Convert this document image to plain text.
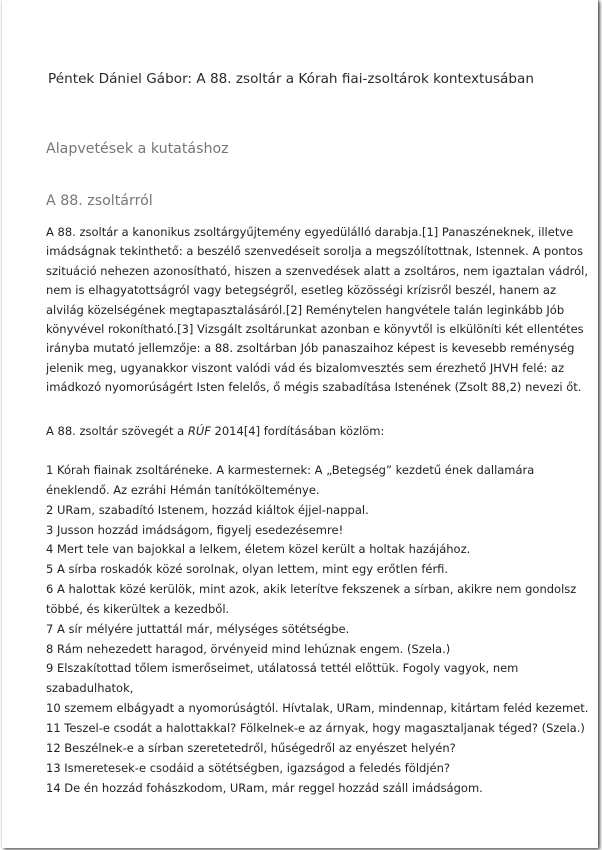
Péntek Dániel Gábor: A 88. zsoltár a Kórah fiai-zsoltárok kontextusában
Alapvetések a kutatáshoz
A 88. zsoltárról
A 88. zsoltár a kanonikus zsoltárgyűjtemény egyedülálló darabja.[1] Panaszéneknek, illetve
imádságnak tekinthető: a beszélő szenvedéseit sorolja a megszólítottnak, Istennek. A pontos
szituáció nehezen azonosítható, hiszen a szenvedések alatt a zsoltáros, nem igaztalan vádról,
nem is elhagyatottságról vagy betegségről, esetleg közösségi krízisről beszél, hanem az
alvilág közelségének megtapasztalásáról.[2] Reménytelen hangvétele talán leginkább Jób
könyvével rokonítható.[3] Vizsgált zsoltárunkat azonban e könyvtől is elkülöníti két ellentétes
irányba mutató jellemzője: a 88. zsoltárban Jób panaszaihoz képest is kevesebb reménység
jelenik meg, ugyanakkor viszont valódi vád és bizalomvesztés sem érezhető JHVH felé: az
imádkozó nyomorúságért Isten felelős, ő mégis szabadítása Istenének (Zsolt 88,2) nevezi őt.
A 88. zsoltár szövegét a RÚF 2014[4] fordításában közlöm:
1 Kórah fiainak zsoltáréneke. A karmesternek: A „Betegség” kezdetű ének dallamára
éneklendő. Az ezráhi Hémán tanítóköltem​énye.
2 URam, szabadító Istenem, hozzád kiáltok éjjel-nappal.
3 Jusson hozzád imádságom, figyelj esedezésemre!
4 Mert tele van bajokkal a lelkem, életem közel került a holtak hazájához.
5 A sírba roskadók közé sorolnak, olyan lettem, mint egy erőtlen férfi.
6 A halottak közé kerülök, mint azok, akik leterítve fekszenek a sírban, akikre nem gondolsz
többé, és kikerültek a kezedből.
7 A sír mélyére juttattál már, mélységes sötétségbe.
8 Rám nehezedett haragod, örvényeid mind lehúznak engem. (Szela.)
9 Elszakítottad tőlem ismerőseimet, utálatossá tettél előttük. Fogoly vagyok, nem
szabadulhatok,
10 szemem elbágyadt a nyomorúságtól. Hívtalak, URam, mindennap, kitártam feléd kezemet.
11 Teszel-e csodát a halottakkal? Fölkelnek-e az árnyak, hogy magasztaljanak téged? (Szela.)
12 Beszélnek-e a sírban szeretetedről, hűségedről az enyészet helyén?
13 Ismeretesek-e csodáid a sötétségben, igazságod a feledés földjén?
14 De én hozzád fohászkodom, URam, már reggel hozzád száll imádságom.
